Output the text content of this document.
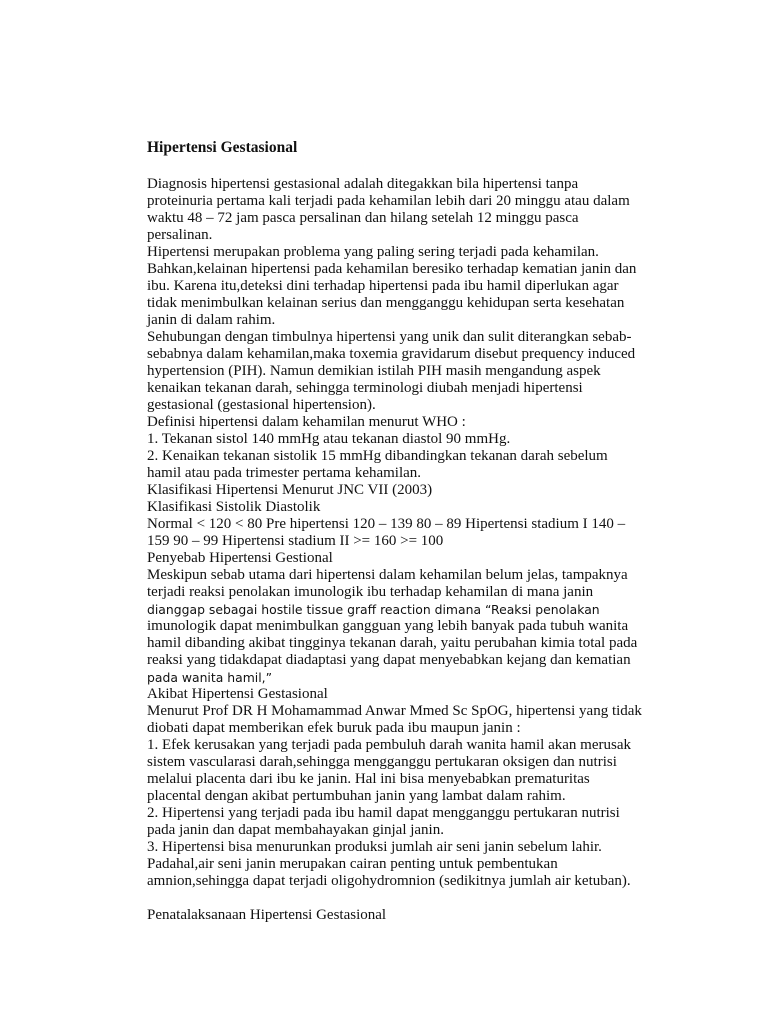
Hipertensi Gestasional
Diagnosis hipertensi gestasional adalah ditegakkan bila hipertensi tanpa
proteinuria pertama kali terjadi pada kehamilan lebih dari 20 minggu atau dalam
waktu 48 – 72 jam pasca persalinan dan hilang setelah 12 minggu pasca
persalinan.
Hipertensi merupakan problema yang paling sering terjadi pada kehamilan.
Bahkan,kelainan hipertensi pada kehamilan beresiko terhadap kematian janin dan
ibu. Karena itu,deteksi dini terhadap hipertensi pada ibu hamil diperlukan agar
tidak menimbulkan kelainan serius dan mengganggu kehidupan serta kesehatan
janin di dalam rahim.
Sehubungan dengan timbulnya hipertensi yang unik dan sulit diterangkan sebab-
sebabnya dalam kehamilan,maka toxemia gravidarum disebut prequency induced
hypertension (PIH). Namun demikian istilah PIH masih mengandung aspek
kenaikan tekanan darah, sehingga terminologi diubah menjadi hipertensi
gestasional (gestasional hipertension).
Definisi hipertensi dalam kehamilan menurut WHO :
1. Tekanan sistol 140 mmHg atau tekanan diastol 90 mmHg.
2. Kenaikan tekanan sistolik 15 mmHg dibandingkan tekanan darah sebelum
hamil atau pada trimester pertama kehamilan.
Klasifikasi Hipertensi Menurut JNC VII (2003)
Klasifikasi Sistolik Diastolik
Normal < 120 < 80 Pre hipertensi 120 – 139 80 – 89 Hipertensi stadium I 140 –
159 90 – 99 Hipertensi stadium II >= 160 >= 100
Penyebab Hipertensi Gestional
Meskipun sebab utama dari hipertensi dalam kehamilan belum jelas, tampaknya
terjadi reaksi penolakan imunologik ibu terhadap kehamilan di mana janin
dianggap sebagai hostile tissue graff reaction dimana “Reaksi penolakan
imunologik dapat menimbulkan gangguan yang lebih banyak pada tubuh wanita
hamil dibanding akibat tingginya tekanan darah, yaitu perubahan kimia total pada
reaksi yang tidakdapat diadaptasi yang dapat menyebabkan kejang dan kematian
pada wanita hamil,”
Akibat Hipertensi Gestasional
Menurut Prof DR H Mohamammad Anwar Mmed Sc SpOG, hipertensi yang tidak
diobati dapat memberikan efek buruk pada ibu maupun janin :
1. Efek kerusakan yang terjadi pada pembuluh darah wanita hamil akan merusak
sistem vascularasi darah,sehingga mengganggu pertukaran oksigen dan nutrisi
melalui placenta dari ibu ke janin. Hal ini bisa menyebabkan prematuritas
placental dengan akibat pertumbuhan janin yang lambat dalam rahim.
2. Hipertensi yang terjadi pada ibu hamil dapat mengganggu pertukaran nutrisi
pada janin dan dapat membahayakan ginjal janin.
3. Hipertensi bisa menurunkan produksi jumlah air seni janin sebelum lahir.
Padahal,air seni janin merupakan cairan penting untuk pembentukan
amnion,sehingga dapat terjadi oligohydromnion (sedikitnya jumlah air ketuban).
Penatalaksanaan Hipertensi Gestasional
